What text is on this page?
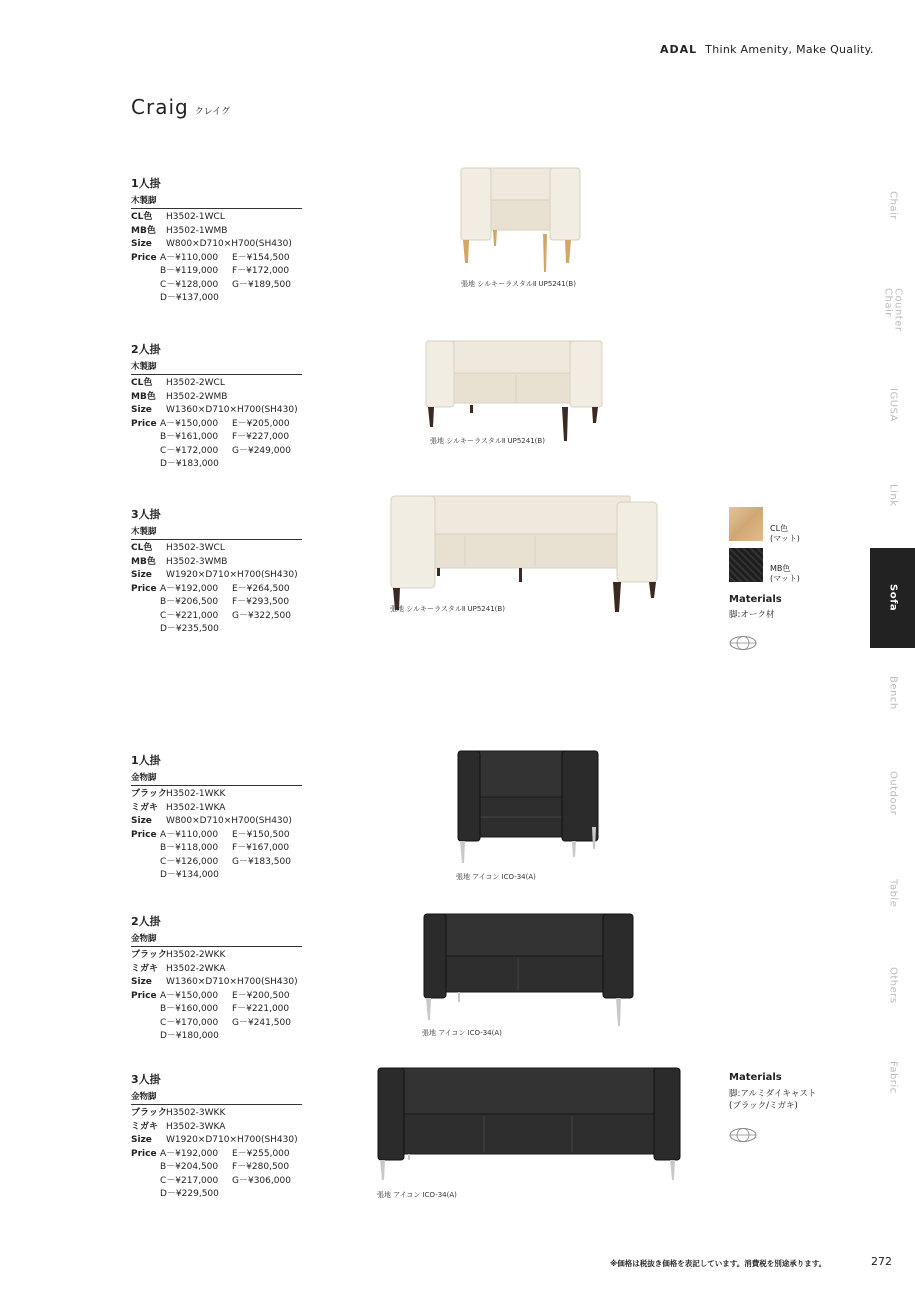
ADAL Think Amenity, Make Quality.
Craig クレイグ
1人掛
木製脚
CL色	H3502-1WCL
MB色	H3502-1WMB
Size	W800×D710×H700(SH430)
Price A－¥110,000	E－¥154,500
B－¥119,000	F－¥172,000
C－¥128,000	G－¥189,500
D－¥137,000
2人掛
木製脚
CL色	H3502-2WCL
MB色	H3502-2WMB
Size	W1360×D710×H700(SH430)
Price A－¥150,000	E－¥205,000
B－¥161,000	F－¥227,000
C－¥172,000	G－¥249,000
D－¥183,000
3人掛
木製脚
CL色	H3502-3WCL
MB色	H3502-3WMB
Size	W1920×D710×H700(SH430)
Price A－¥192,000	E－¥264,500
B－¥206,500	F－¥293,500
C－¥221,000	G－¥322,500
D－¥235,500
1人掛
金物脚
ブラック H3502-1WKK
ミガキ H3502-1WKA
Size	W800×D710×H700(SH430)
Price A－¥110,000	E－¥150,500
B－¥118,000	F－¥167,000
C－¥126,000	G－¥183,500
D－¥134,000
2人掛
金物脚
ブラック H3502-2WKK
ミガキ H3502-2WKA
Size	W1360×D710×H700(SH430)
Price A－¥150,000	E－¥200,500
B－¥160,000	F－¥221,000
C－¥170,000	G－¥241,500
D－¥180,000
3人掛
金物脚
ブラック H3502-3WKK
ミガキ H3502-3WKA
Size	W1920×D710×H700(SH430)
Price A－¥192,000	E－¥255,000
B－¥204,500	F－¥280,500
C－¥217,000	G－¥306,000
D－¥229,500
張地 シルキーラスタルⅡ UP5241(B)
張地 シルキーラスタルⅡ UP5241(B)
張地 シルキーラスタルⅡ UP5241(B)
張地 アイコン ICO-34(A)
張地 アイコン ICO-34(A)
張地 アイコン ICO-34(A)
CL色
(マット)
MB色
(マット)
Materials
脚:オーク材
Materials
脚:アルミダイキャスト
(ブラック/ミガキ)
Chair
Counter
Chair
IGUSA
Link
Sofa
Bench
Outdoor
Table
Others
Fabric
※価格は税抜き価格を表記しています。消費税を別途承ります。	272
